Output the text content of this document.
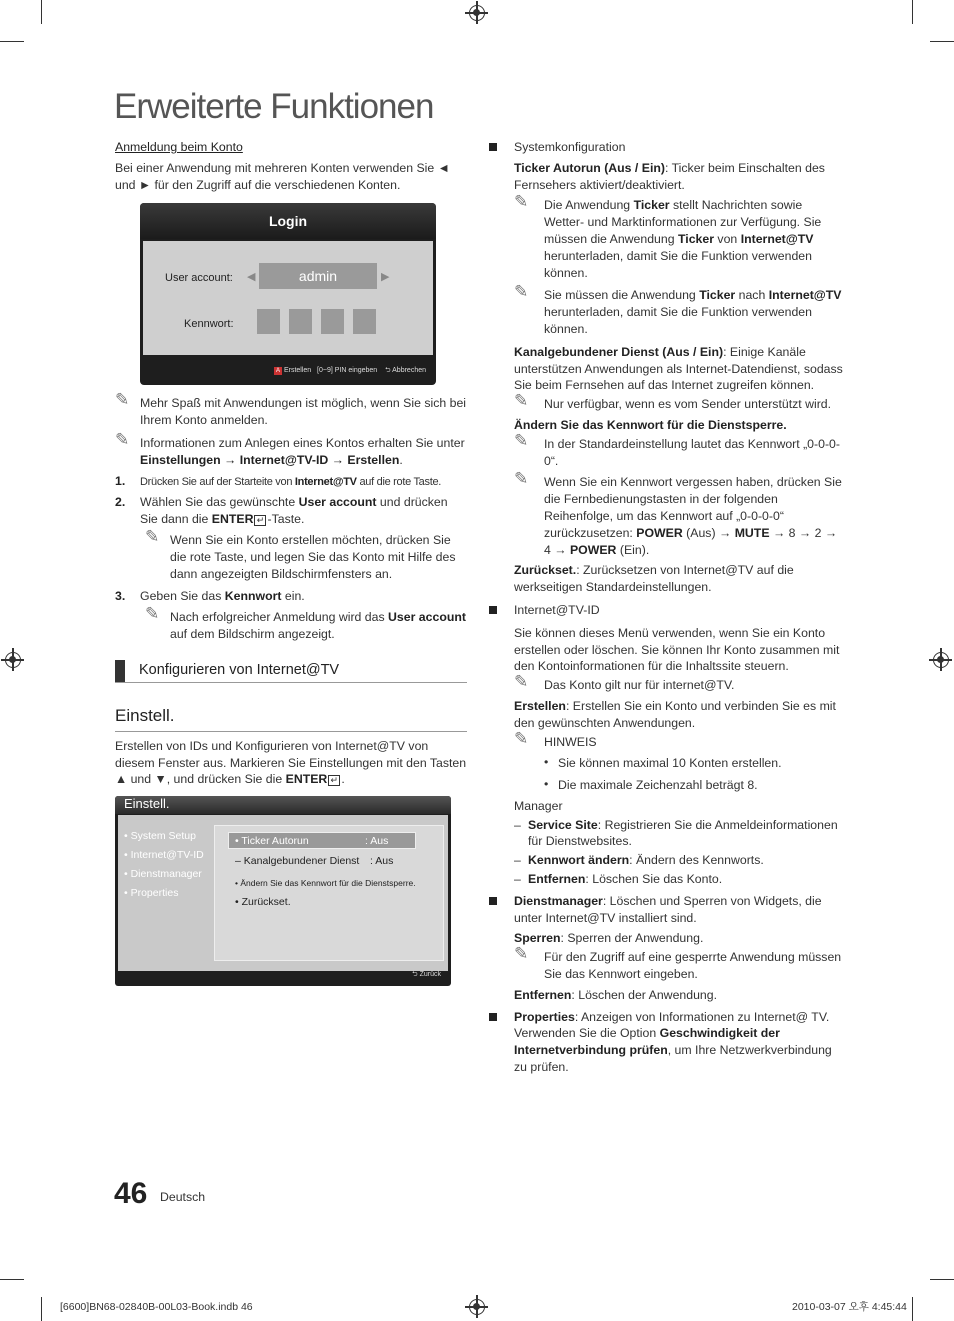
Erweiterte Funktionen

Anmeldung beim Konto

Bei einer Anwendung mit mehreren Konten verwenden Sie ◄ und ► für den Zugriff auf die verschiedenen Konten.

Login
User account: ◀	admin	▶
Kennwort:
A Erstellen [0~9] PIN eingeben ⮌ Abbrechen
✎ Mehr Spaß mit Anwendungen ist möglich, wenn Sie sich bei Ihrem Konto anmelden.
✎ Informationen zum Anlegen eines Kontos erhalten Sie unter Einstellungen → Internet@TV-ID → Erstellen.
1. Drücken Sie auf der Starteite von Internet@TV auf die rote Taste.
2. Wählen Sie das gewünschte User account und drücken Sie dann die ENTER ↵ -Taste.
✎ Wenn Sie ein Konto erstellen möchten, drücken Sie die rote Taste, und legen Sie das Konto mit Hilfe des dann angezeigten Bildschirmfensters an.
3. Geben Sie das Kennwort ein.
✎ Nach erfolgreicher Anmeldung wird das User account auf dem Bildschirm angezeigt.
Konfigurieren von Internet@TV
Einstell.

Erstellen von IDs und Konfigurieren von Internet@TV von diesem Fenster aus. Markieren Sie Einstellungen mit den Tasten ▲ und ▼, und drücken Sie die ENTER ↵ .

Einstell.
• System Setup
• Internet@TV-ID
• Dienstmanager
• Properties
• Ticker Autorun	: Aus
– Kanalgebundener Dienst : Aus
• Ändern Sie das Kennwort für die Dienstsperre.
• Zurückset.
⮌ Zurück
Systemkonfiguration

Ticker Autorun (Aus / Ein): Ticker beim Einschalten des Fernsehers aktiviert/deaktiviert.

✎ Die Anwendung Ticker stellt Nachrichten sowie Wetter- und Marktinformationen zur Verfügung. Sie müssen die Anwendung Ticker von Internet@TV herunterladen, damit Sie die Funktion verwenden können.
✎ Sie müssen die Anwendung Ticker nach Internet@TV herunterladen, damit Sie die Funktion verwenden können.

Kanalgebundener Dienst (Aus / Ein): Einige Kanäle unterstützen Anwendungen als Internet-Datendienst, sodass Sie beim Fernsehen auf das Internet zugreifen können.

✎ Nur verfügbar, wenn es vom Sender unterstützt wird.

Ändern Sie das Kennwort für die Dienstsperre.

✎ In der Standardeinstellung lautet das Kennwort „0-0-0-0“.
✎ Wenn Sie ein Kennwort vergessen haben, drücken Sie die Fernbedienungstasten in der folgenden Reihenfolge, um das Kennwort auf „0-0-0-0“ zurückzusetzen: POWER (Aus) → MUTE → 8 → 2 → 4 → POWER (Ein).

Zurückset.: Zurücksetzen von Internet@TV auf die werkseitigen Standardeinstellungen.

Internet@TV-ID

Sie können dieses Menü verwenden, wenn Sie ein Konto erstellen oder löschen. Sie können Ihr Konto zusammen mit den Kontoinformationen für die Inhaltssite steuern.

✎ Das Konto gilt nur für internet@TV.

Erstellen: Erstellen Sie ein Konto und verbinden Sie es mit den gewünschten Anwendungen.

✎ HINWEIS
• Sie können maximal 10 Konten erstellen.
• Die maximale Zeichenzahl beträgt 8.

Manager

– Service Site: Registrieren Sie die Anmeldeinformationen für Dienstwebsites.
– Kennwort ändern: Ändern des Kennworts.
– Entfernen: Löschen Sie das Konto.
Dienstmanager: Löschen und Sperren von Widgets, die unter Internet@TV installiert sind.

Sperren: Sperren der Anwendung.

✎ Für den Zugriff auf eine gesperrte Anwendung müssen Sie das Kennwort eingeben.

Entfernen: Löschen der Anwendung.

Properties: Anzeigen von Informationen zu Internet@ TV. Verwenden Sie die Option Geschwindigkeit der Internetverbindung prüfen, um Ihre Netzwerkverbindung zu prüfen.
46 Deutsch
[6600]BN68-02840B-00L03-Book.indb 46	2010-03-07 오후 4:45:44
